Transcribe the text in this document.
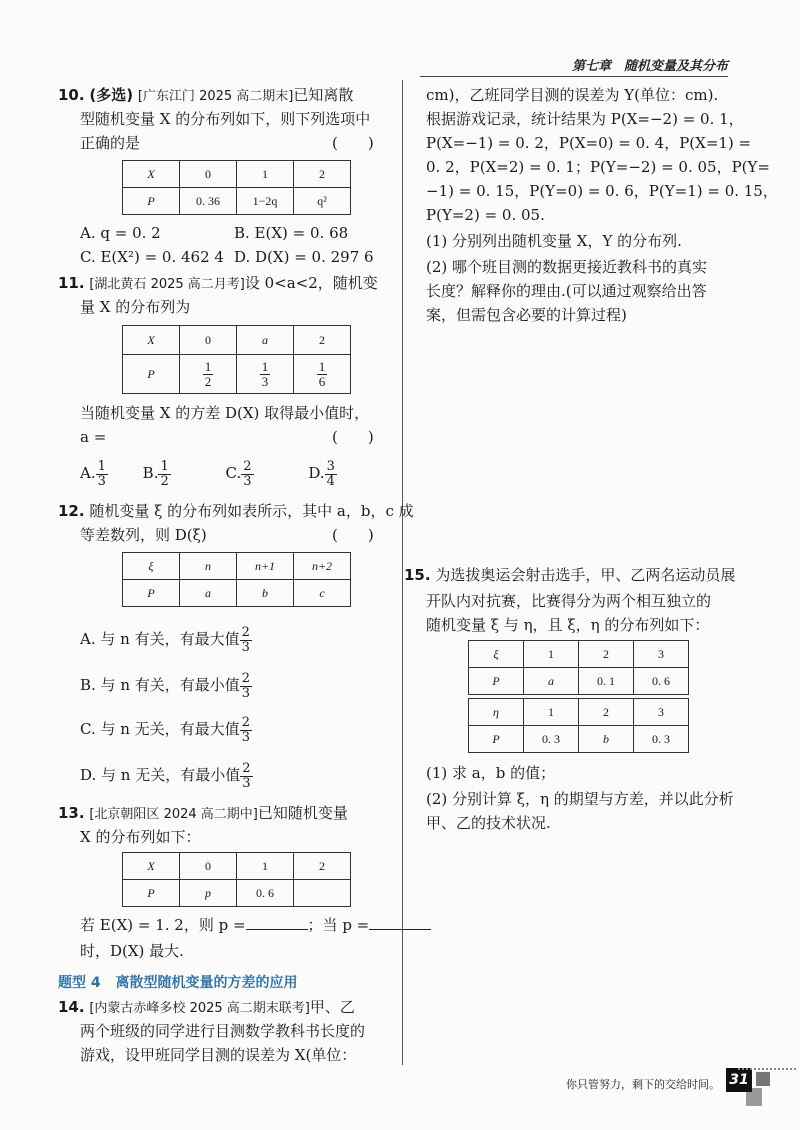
第七章　随机变量及其分布
10. (多选) [广东江门 2025 高二期末]已知离散
型随机变量 X 的分布列如下，则下列选项中
正确的是	(　　)
X	0	1	2
P	0. 36	1−2q	q²
A. q = 0. 2	B. E(X) = 0. 68
C. E(X²) = 0. 462 4 D. D(X) = 0. 297 6
11. [湖北黄石 2025 高二月考]设 0<a<2，随机变
量 X 的分布列为
X	0	a	2
P	$\frac{1}{2}$	$\frac{1}{3}$	$\frac{1}{6}$
当随机变量 X 的方差 D(X) 取得最小值时，
a =	(　　)
A. $\frac{1}{3} B$. $\frac{1}{2}$	C. $\frac{2}{3}$	D. $\frac{3}{4}$
12. 随机变量 ξ 的分布列如表所示，其中 a，b，c 成
等差数列，则 D(ξ)	(　　)
ξ	n	n+1	n+2
P	a	b	c
A. 与 n 有关，有最大值 $\frac{2}{3}$
B. 与 n 有关，有最小值 $\frac{2}{3}$
C. 与 n 无关，有最大值 $\frac{2}{3}$
D. 与 n 无关，有最小值 $\frac{2}{3}$
13. [北京朝阳区 2024 高二期中]已知随机变量
X 的分布列如下：
X	0	1	2
P	p	0. 6	
若 E(X) = 1. 2，则 p =	；当 p =
时，D(X) 最大.
题型 4 离散型随机变量的方差的应用
14. [内蒙古赤峰多校 2025 高二期末联考]甲、乙
两个班级的同学进行目测数学教科书长度的
游戏，设甲班同学目测的误差为 X(单位：
cm)，乙班同学目测的误差为 Y(单位：cm).
根据游戏记录，统计结果为 P(X=−2) = 0. 1，
P(X=−1) = 0. 2，P(X=0) = 0. 4，P(X=1) =
0. 2，P(X=2) = 0. 1；P(Y=−2) = 0. 05，P(Y=
−1) = 0. 15，P(Y=0) = 0. 6，P(Y=1) = 0. 15，
P(Y=2) = 0. 05.
(1) 分别列出随机变量 X，Y 的分布列.
(2) 哪个班目测的数据更接近教科书的真实
长度？解释你的理由.(可以通过观察给出答
案，但需包含必要的计算过程)
15. 为选拔奥运会射击选手，甲、乙两名运动员展
开队内对抗赛，比赛得分为两个相互独立的
随机变量 ξ 与 η，且 ξ，η 的分布列如下：
ξ	1	2	3
P	a	0. 1	0. 6
η	1	2	3
P	0. 3	b	0. 3
(1) 求 a，b 的值；
(2) 分别计算 ξ，η 的期望与方差，并以此分析
甲、乙的技术状况.
你只管努力，剩下的交给时间。 31
